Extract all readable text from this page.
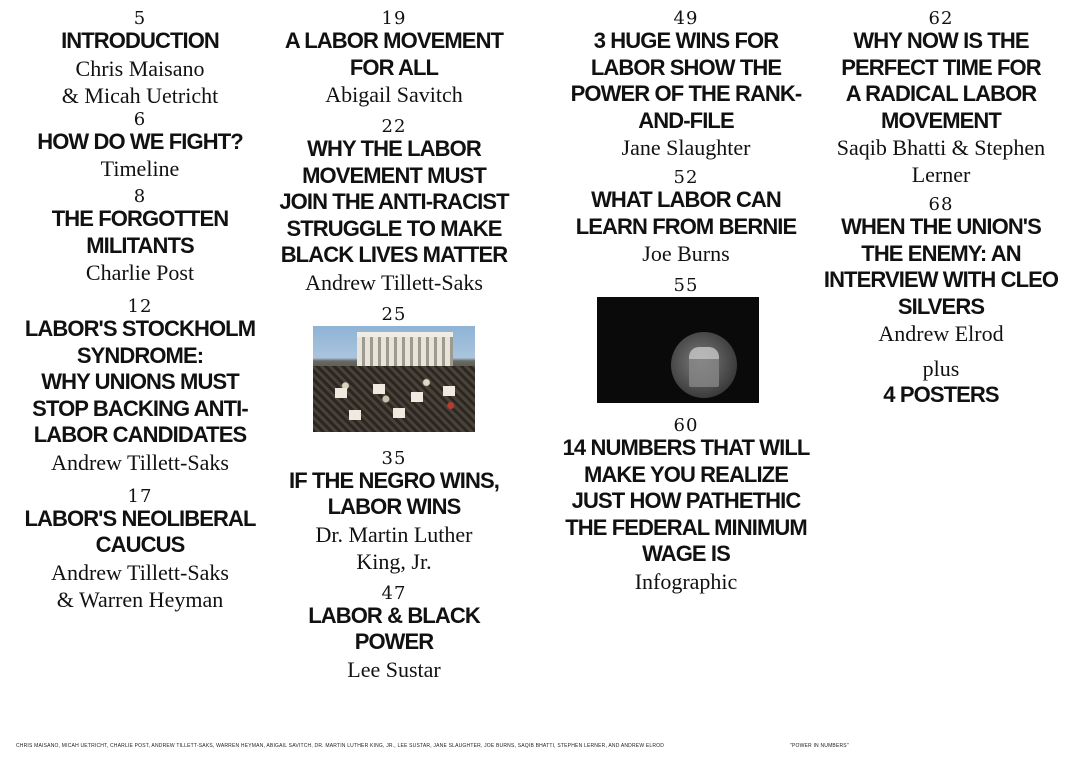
5
INTRODUCTION
Chris Maisano
& Micah Uetricht
6
HOW DO WE FIGHT?
Timeline
8
THE FORGOTTEN
MILITANTS
Charlie Post
12
LABOR'S STOCKHOLM
SYNDROME:
WHY UNIONS MUST
STOP BACKING ANTI-
LABOR CANDIDATES
Andrew Tillett-Saks
17
LABOR'S NEOLIBERAL
CAUCUS
Andrew Tillett-Saks
& Warren Heyman
19
A LABOR MOVEMENT
FOR ALL
Abigail Savitch
22
WHY THE LABOR
MOVEMENT MUST
JOIN THE ANTI-RACIST
STRUGGLE TO MAKE
BLACK LIVES MATTER
Andrew Tillett-Saks
25
35
IF THE NEGRO WINS,
LABOR WINS
Dr. Martin Luther
King, Jr.
47
LABOR & BLACK
POWER
Lee Sustar
49
3 HUGE WINS FOR
LABOR SHOW THE
POWER OF THE RANK-
AND-FILE
Jane Slaughter
52
WHAT LABOR CAN
LEARN FROM BERNIE
Joe Burns
55
60
14 NUMBERS THAT WILL
MAKE YOU REALIZE
JUST HOW PATHETHIC
THE FEDERAL MINIMUM
WAGE IS
Infographic
62
WHY NOW IS THE
PERFECT TIME FOR
A RADICAL LABOR
MOVEMENT
Saqib Bhatti & Stephen
Lerner
68
WHEN THE UNION'S
THE ENEMY: AN
INTERVIEW WITH CLEO
SILVERS
Andrew Elrod
plus
4 POSTERS
CHRIS MAISANO, MICAH UETRICHT, CHARLIE POST, ANDREW TILLETT-SAKS, WARREN HEYMAN, ABIGAIL SAVITCH, DR. MARTIN LUTHER KING, JR., LEE SUSTAR, JANE SLAUGHTER, JOE BURNS, SAQIB BHATTI, STEPHEN LERNER, AND ANDREW ELROD	"POWER IN NUMBERS"
